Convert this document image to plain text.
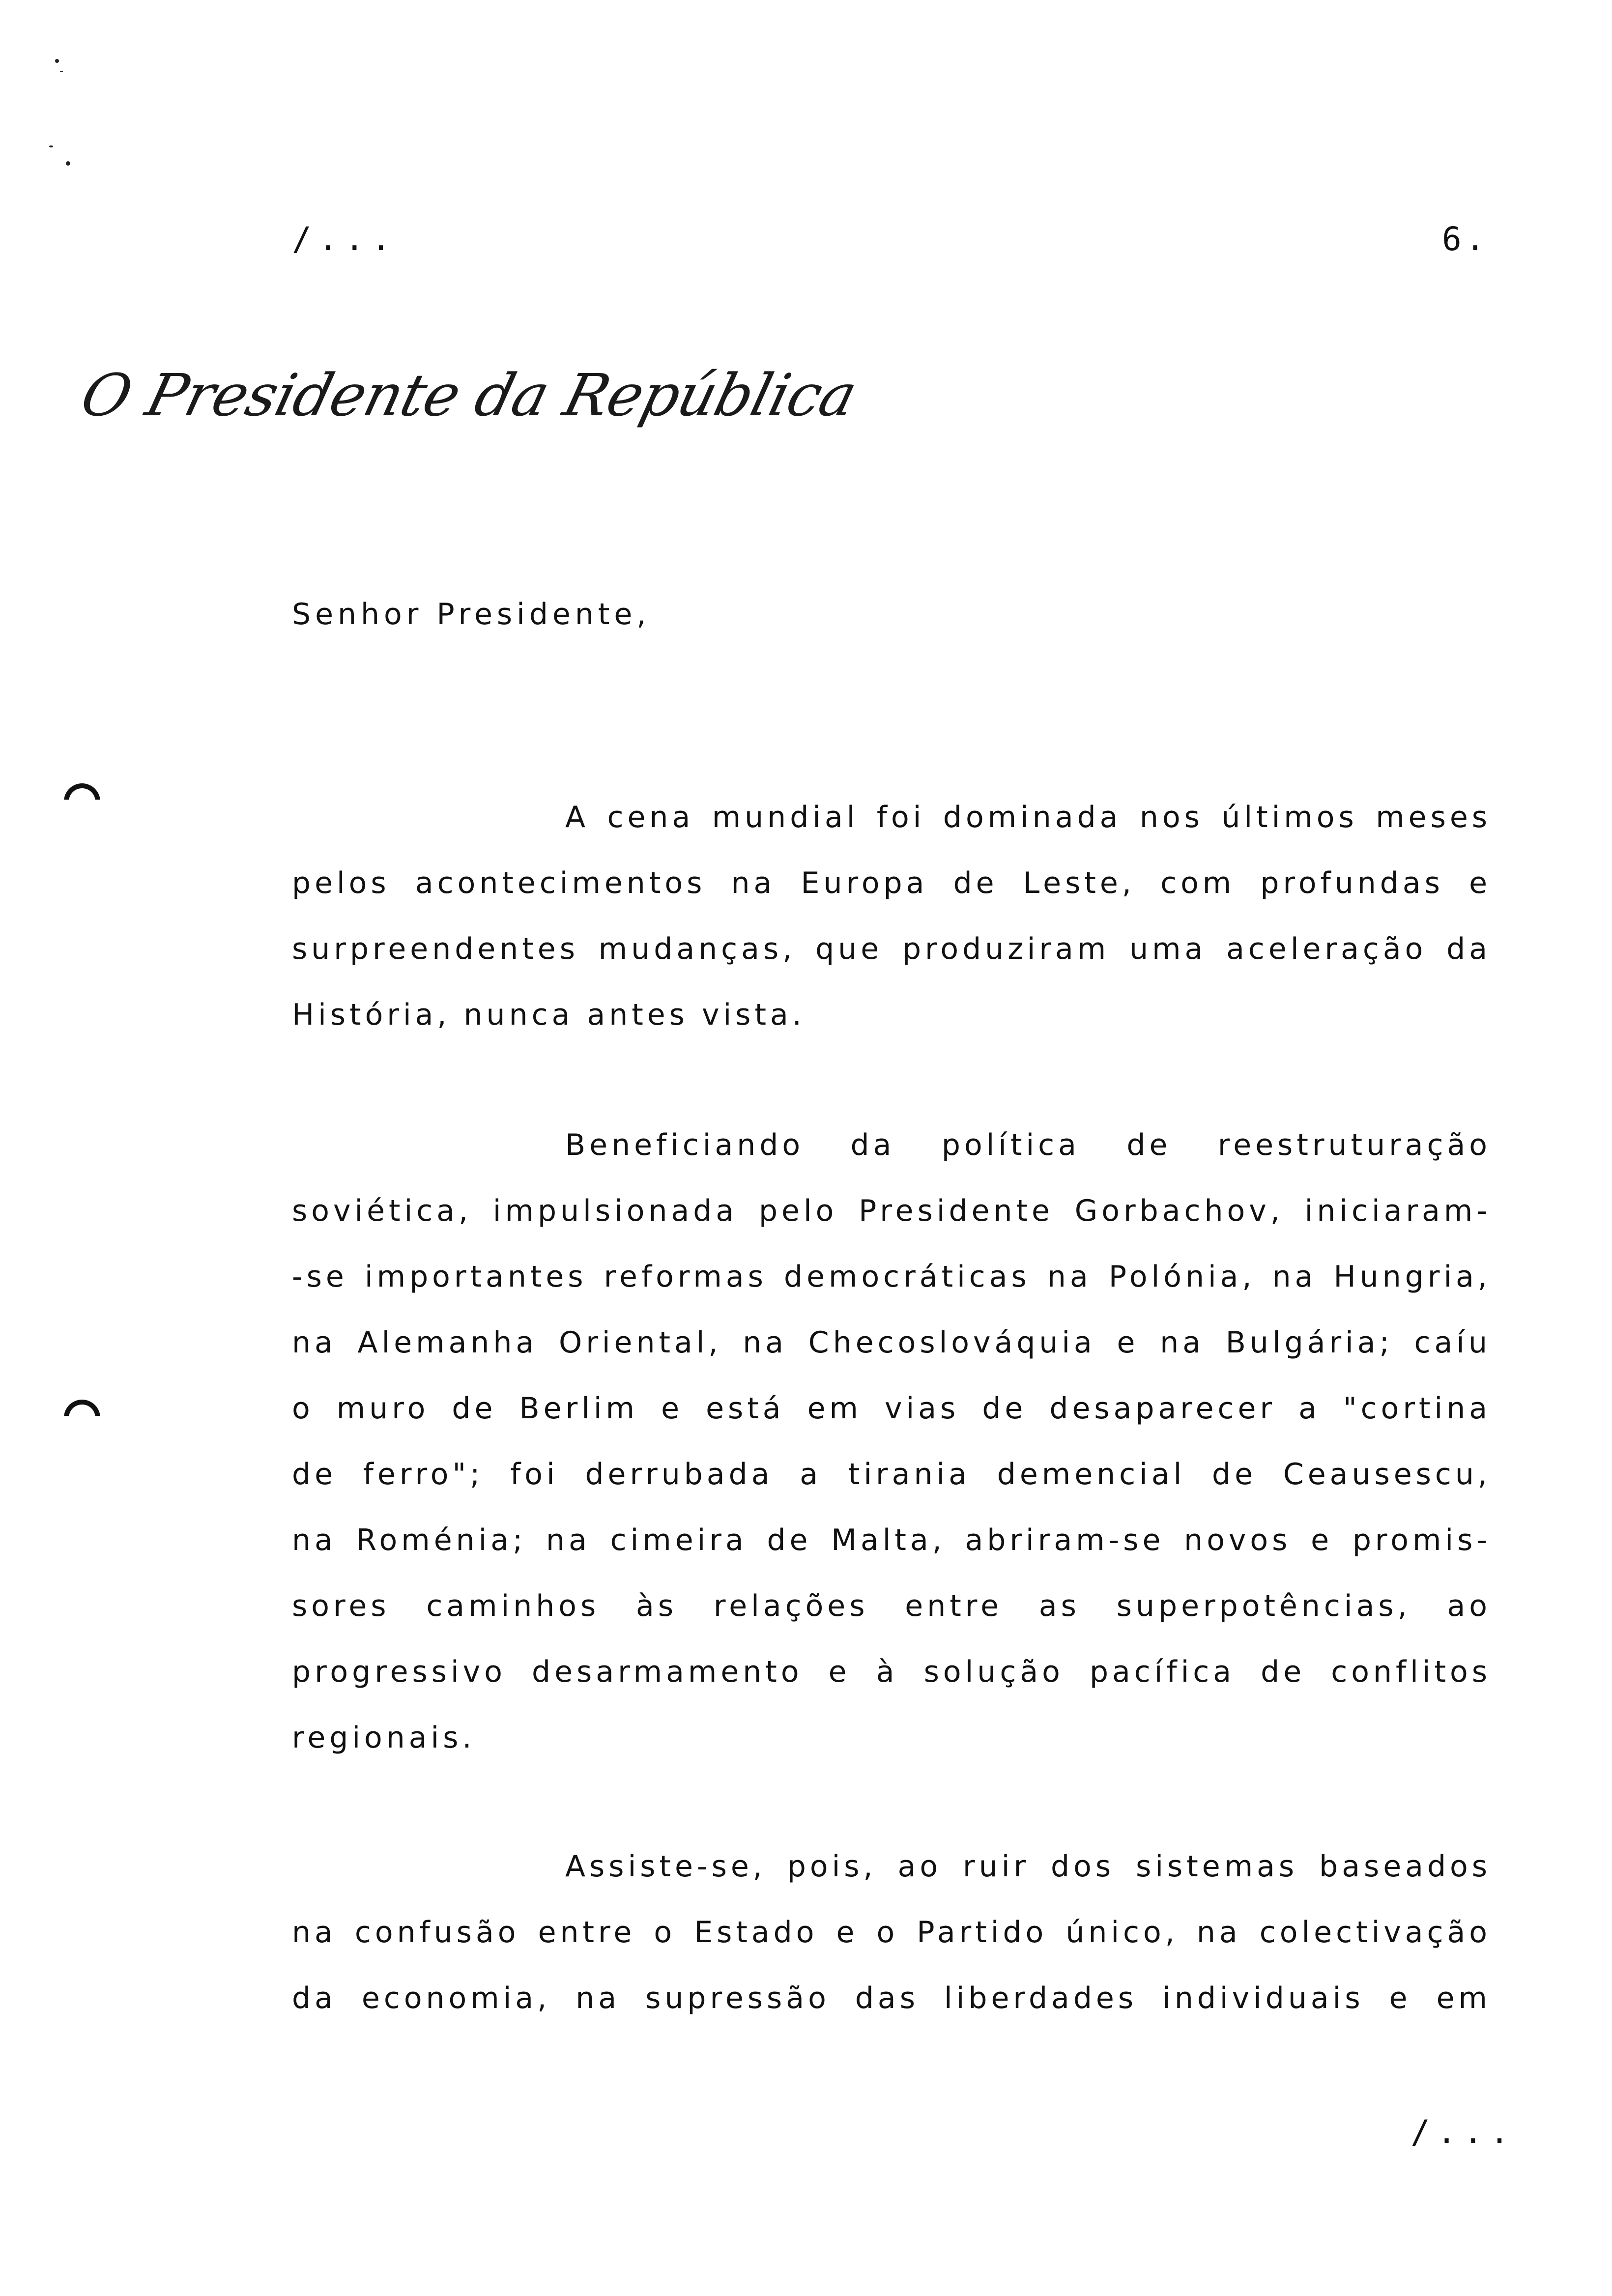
/...	6.
O Presidente da República
Senhor Presidente,
A cena mundial foi dominada nos últimos meses
pelos acontecimentos na Europa de Leste, com profundas e
surpreendentes mudanças, que produziram uma aceleração da
História, nunca antes vista.
Beneficiando da política de reestruturação
soviética, impulsionada pelo Presidente Gorbachov, iniciaram-
-se importantes reformas democráticas na Polónia, na Hungria,
na Alemanha Oriental, na Checoslováquia e na Bulgária; caíu
o muro de Berlim e está em vias de desaparecer a "cortina
de ferro"; foi derrubada a tirania demencial de Ceausescu,
na Roménia; na cimeira de Malta, abriram-se novos e promis-
sores caminhos às relações entre as superpotências, ao
progressivo desarmamento e à solução pacífica de conflitos
regionais.
Assiste-se, pois, ao ruir dos sistemas baseados
na confusão entre o Estado e o Partido único, na colectivação
da economia, na supressão das liberdades individuais e em
/...
